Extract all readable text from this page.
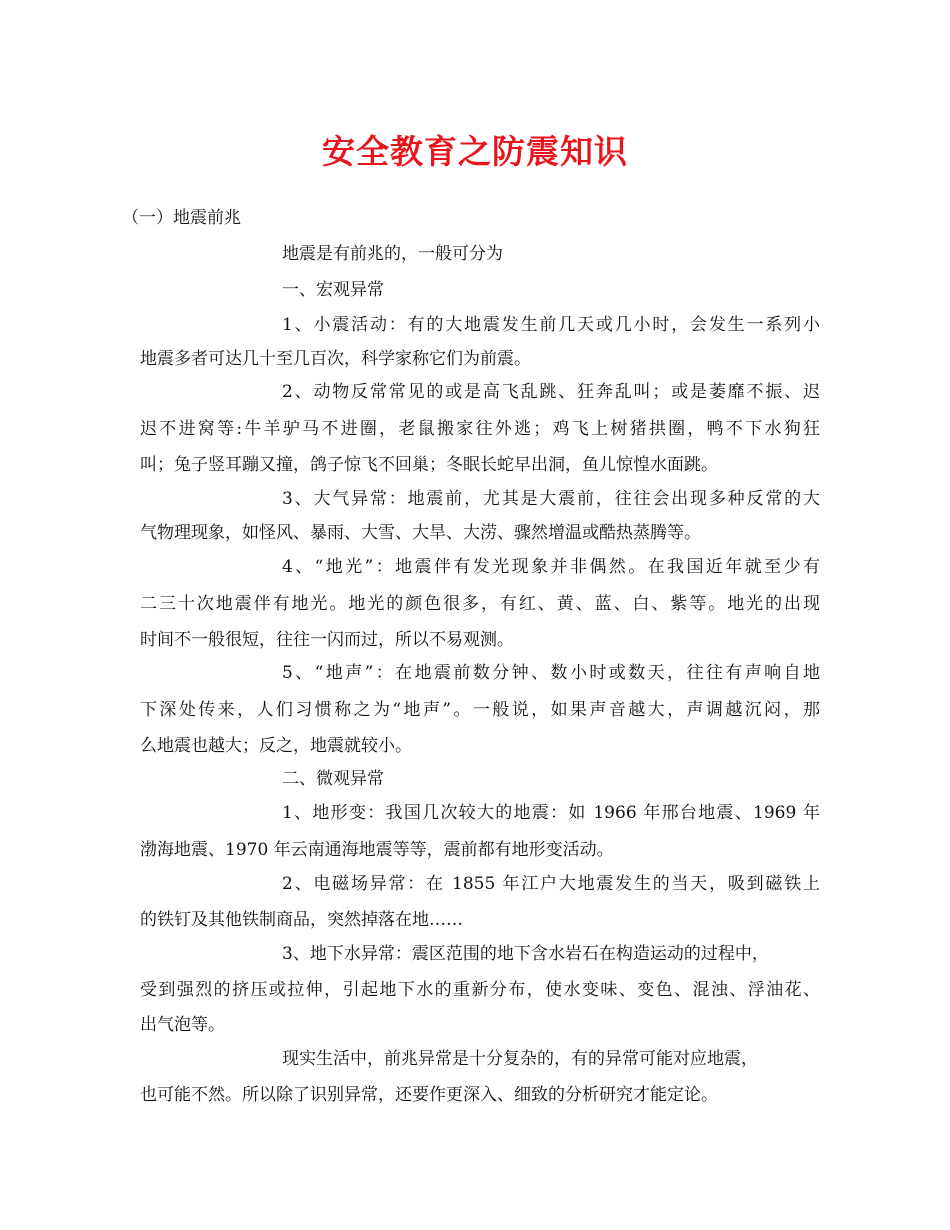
安全教育之防震知识
（一）地震前兆
地震是有前兆的，一般可分为
一、宏观异常
1、小震活动：有的大地震发生前几天或几小时，会发生一系列小
地震多者可达几十至几百次，科学家称它们为前震。
2、动物反常常见的或是高飞乱跳、狂奔乱叫；或是萎靡不振、迟
迟不进窝等:牛羊驴马不进圈，老鼠搬家往外逃；鸡飞上树猪拱圈，鸭不下水狗狂
叫；兔子竖耳蹦又撞，鸽子惊飞不回巢；冬眠长蛇早出洞，鱼儿惊惶水面跳。
3、大气异常：地震前，尤其是大震前，往往会出现多种反常的大
气物理现象，如怪风、暴雨、大雪、大旱、大涝、骤然增温或酷热蒸腾等。
4、“地光”：地震伴有发光现象并非偶然。在我国近年就至少有
二三十次地震伴有地光。地光的颜色很多，有红、黄、蓝、白、紫等。地光的出现
时间不一般很短，往往一闪而过，所以不易观测。
5、“地声”：在地震前数分钟、数小时或数天，往往有声响自地
下深处传来，人们习惯称之为“地声”。一般说，如果声音越大，声调越沉闷，那
么地震也越大；反之，地震就较小。
二、微观异常
1、地形变：我国几次较大的地震：如 1966 年邢台地震、1969 年
渤海地震、1970 年云南通海地震等等，震前都有地形变活动。
2、电磁场异常：在 1855 年江户大地震发生的当天，吸到磁铁上
的铁钉及其他铁制商品，突然掉落在地……
3、地下水异常：震区范围的地下含水岩石在构造运动的过程中，
受到强烈的挤压或拉伸，引起地下水的重新分布，使水变味、变色、混浊、浮油花、
出气泡等。
现实生活中，前兆异常是十分复杂的，有的异常可能对应地震，
也可能不然。所以除了识别异常，还要作更深入、细致的分析研究才能定论。
